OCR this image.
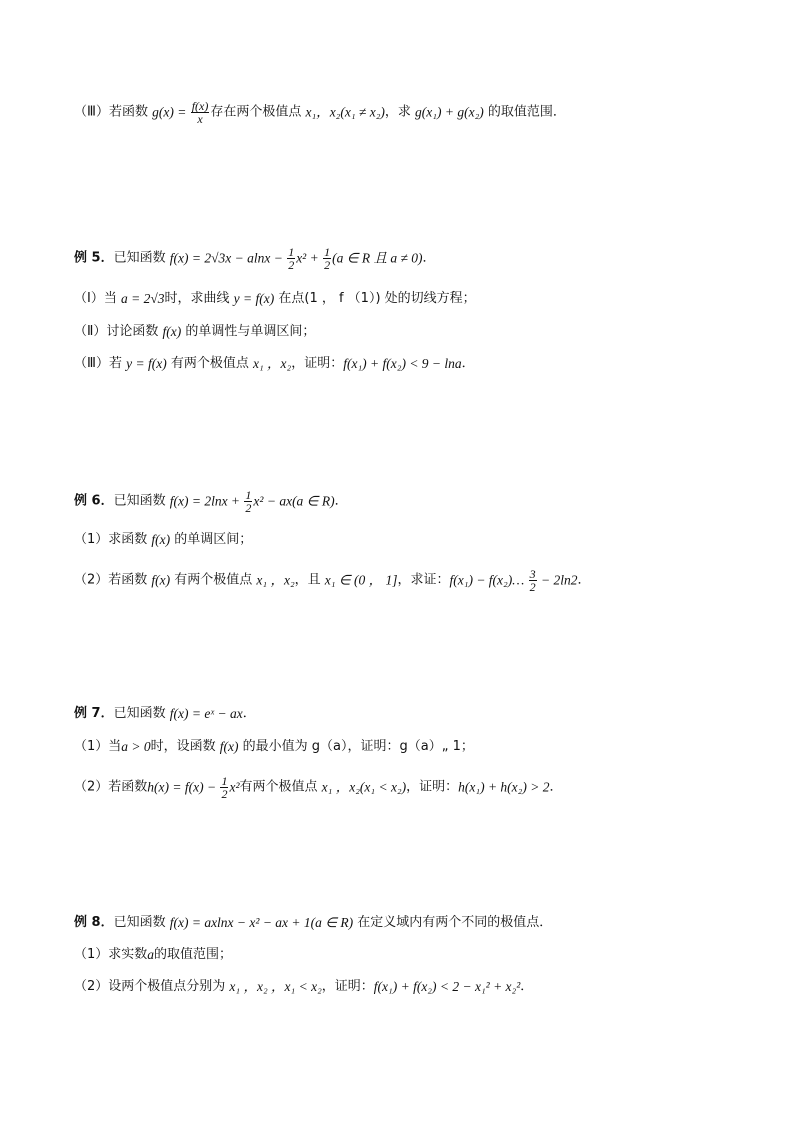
（Ⅲ）若函数 $g(x) = \frac{f(x)}{x}$ 存在两个极值点 x₁，x₂(x₁ ≠ x₂)，求 g(x₁) + g(x₂) 的取值范围．
例 5．已知函数 $f(x) = 2√3x - alnx - \frac{1}{2} x^2 + \frac{1}{2} (a$ ∈ R 且 a ≠ 0)．
（Ⅰ）当 a = 2√3时，求曲线 y = f(x) 在点(1 ， f （1）) 处的切线方程；
（Ⅱ）讨论函数 f(x) 的单调性与单调区间；
（Ⅲ）若 y = f(x) 有两个极值点 x₁ ，x₂，证明：f(x₁) + f(x₂) < 9 − lna．
例 6．已知函数 $f(x) = 2\ln x + \frac{1}{2} x^2 - ax(a$ ∈ R)．
（1）求函数 f(x) 的单调区间；
（2）若函数 f(x) 有两个极值点 x₁ ，x₂，且 x₁ ∈ (0 ， 1]，求证：f(x₁) − f(x₂)… $\frac{3}{2} - 2\ln 2$．
例 7．已知函数 f(x) = eˣ − ax．
（1）当a > 0时，设函数 f(x) 的最小值为 g（a），证明：g（a）„ 1；
（2）若函数$h(x) = f(x) - \frac{1}{2} x^2$有两个极值点 x₁ ，x₂(x₁ < x₂)，证明：h(x₁) + h(x₂) > 2．
例 8．已知函数 f(x) = axlnx − x² − ax + 1(a ∈ R) 在定义域内有两个不同的极值点．
（1）求实数a的取值范围；
（2）设两个极值点分别为 x₁ ，x₂ ，x₁ < x₂，证明：f(x₁) + f(x₂) < 2 − x₁² + x₂²．
